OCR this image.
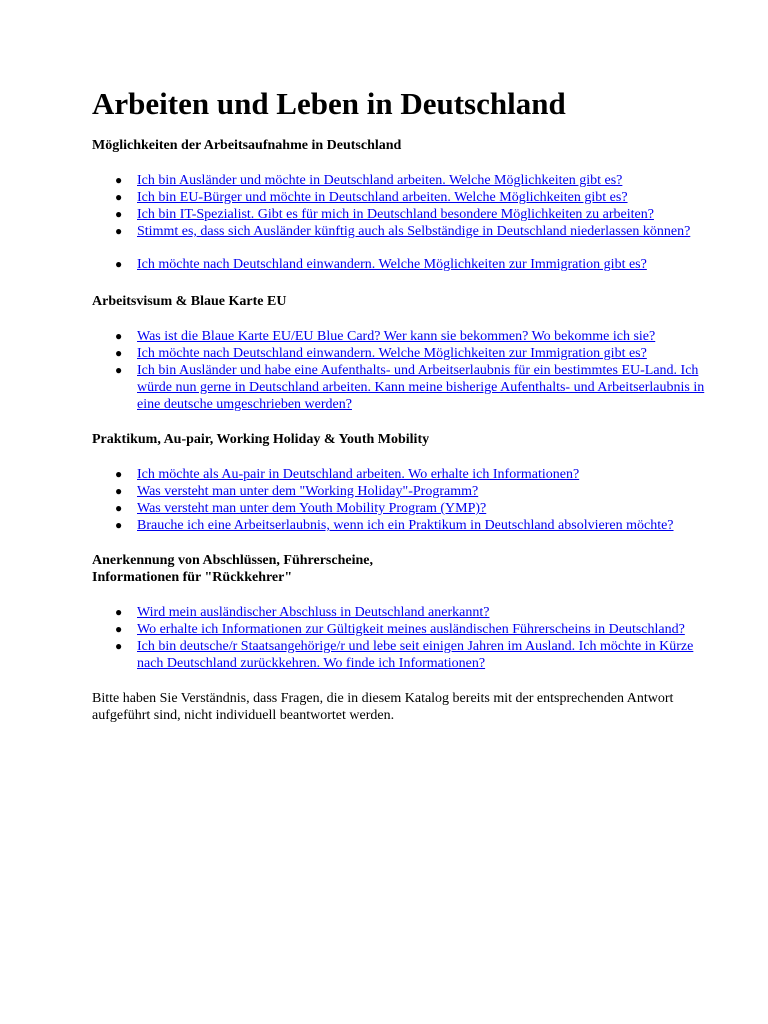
Arbeiten und Leben in Deutschland
Möglichkeiten der Arbeitsaufnahme in Deutschland
● Ich bin Ausländer und möchte in Deutschland arbeiten. Welche Möglichkeiten gibt es?
● Ich bin EU-Bürger und möchte in Deutschland arbeiten. Welche Möglichkeiten gibt es?
● Ich bin IT-Spezialist. Gibt es für mich in Deutschland besondere Möglichkeiten zu arbeiten?
● Stimmt es, dass sich Ausländer künftig auch als Selbständige in Deutschland niederlassen können?
● Ich möchte nach Deutschland einwandern. Welche Möglichkeiten zur Immigration gibt es?
Arbeitsvisum & Blaue Karte EU
● Was ist die Blaue Karte EU/EU Blue Card? Wer kann sie bekommen? Wo bekomme ich sie?
● Ich möchte nach Deutschland einwandern. Welche Möglichkeiten zur Immigration gibt es?
● Ich bin Ausländer und habe eine Aufenthalts- und Arbeitserlaubnis für ein bestimmtes EU-Land. Ich würde nun gerne in Deutschland arbeiten. Kann meine bisherige Aufenthalts- und Arbeitserlaubnis in eine deutsche umgeschrieben werden?
Praktikum, Au-pair, Working Holiday & Youth Mobility
● Ich möchte als Au-pair in Deutschland arbeiten. Wo erhalte ich Informationen?
● Was versteht man unter dem "Working Holiday"-Programm?
● Was versteht man unter dem Youth Mobility Program (YMP)?
● Brauche ich eine Arbeitserlaubnis, wenn ich ein Praktikum in Deutschland absolvieren möchte?
Anerkennung von Abschlüssen, Führerscheine,
Informationen für "Rückkehrer"
● Wird mein ausländischer Abschluss in Deutschland anerkannt?
● Wo erhalte ich Informationen zur Gültigkeit meines ausländischen Führerscheins in Deutschland?
● Ich bin deutsche/r Staatsangehörige/r und lebe seit einigen Jahren im Ausland. Ich möchte in Kürze nach Deutschland zurückkehren. Wo finde ich Informationen?

Bitte haben Sie Verständnis, dass Fragen, die in diesem Katalog bereits mit der entsprechenden Antwort aufgeführt sind, nicht individuell beantwortet werden.
